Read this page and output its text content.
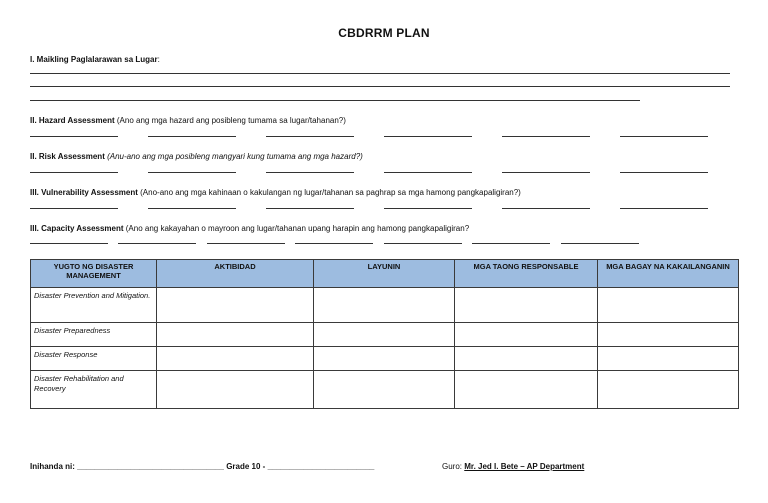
CBDRRM PLAN
I. Maikling Paglalarawan sa Lugar:
II. Hazard Assessment (Ano ang mga hazard ang posibleng tumama sa lugar/tahanan?)
II. Risk Assessment (Anu-ano ang mga posibleng mangyari kung tumama ang mga hazard?)
III. Vulnerability Assessment (Ano-ano ang mga kahinaan o kakulangan ng lugar/tahanan sa paghrap sa mga hamong pangkapaligiran?)
III. Capacity Assessment (Ano ang kakayahan o mayroon ang lugar/tahanan upang harapin ang hamong pangkapaligiran?
YUGTO NG DISASTER MANAGEMENT	AKTIBIDAD	LAYUNIN	MGA TAONG RESPONSABLE	MGA BAGAY NA KAKAILANGANIN
Disaster Prevention and Mitigation.				
Disaster Preparedness				
Disaster Response				
Disaster Rehabilitation and Recovery				
Inihanda ni: _________________________________ Grade 10 - ________________________	Guro: Mr. Jed I. Bete – AP Department
